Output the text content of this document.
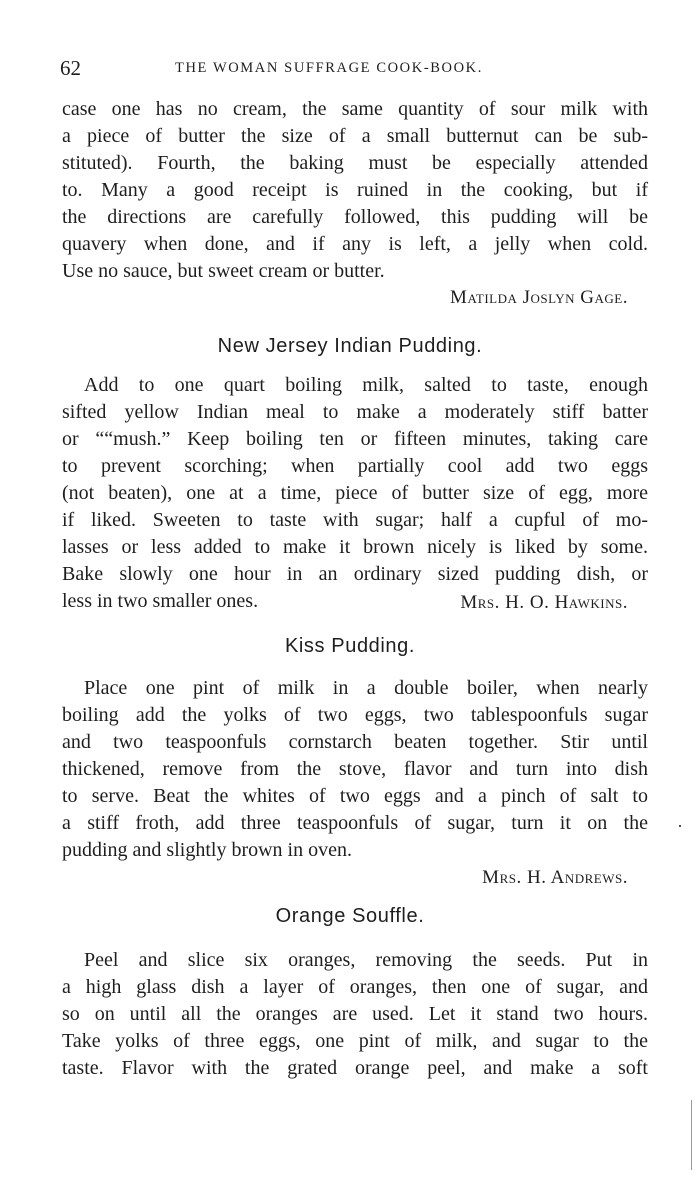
62	THE WOMAN SUFFRAGE COOK-BOOK.
case one has no cream, the same quantity of sour milk with
a piece of butter the size of a small butternut can be sub-
stituted). Fourth, the baking must be especially attended
to. Many a good receipt is ruined in the cooking, but if
the directions are carefully followed, this pudding will be
quavery when done, and if any is left, a jelly when cold.
Use no sauce, but sweet cream or butter.
Matilda Joslyn Gage.
New Jersey Indian Pudding.
Add to one quart boiling milk, salted to taste, enough
sifted yellow Indian meal to make a moderately stiff batter
or ““mush.” Keep boiling ten or fifteen minutes, taking care
to prevent scorching; when partially cool add two eggs
(not beaten), one at a time, piece of butter size of egg, more
if liked. Sweeten to taste with sugar; half a cupful of mo-
lasses or less added to make it brown nicely is liked by some.
Bake slowly one hour in an ordinary sized pudding dish, or
less in two smaller ones.	Mrs. H. O. Hawkins.
Kiss Pudding.
Place one pint of milk in a double boiler, when nearly
boiling add the yolks of two eggs, two tablespoonfuls sugar
and two teaspoonfuls cornstarch beaten together. Stir until
thickened, remove from the stove, flavor and turn into dish
to serve. Beat the whites of two eggs and a pinch of salt to
a stiff froth, add three teaspoonfuls of sugar, turn it on the
pudding and slightly brown in oven.
Mrs. H. Andrews.
Orange Souffle.
Peel and slice six oranges, removing the seeds. Put in
a high glass dish a layer of oranges, then one of sugar, and
so on until all the oranges are used. Let it stand two hours.
Take yolks of three eggs, one pint of milk, and sugar to the
taste. Flavor with the grated orange peel, and make a soft
